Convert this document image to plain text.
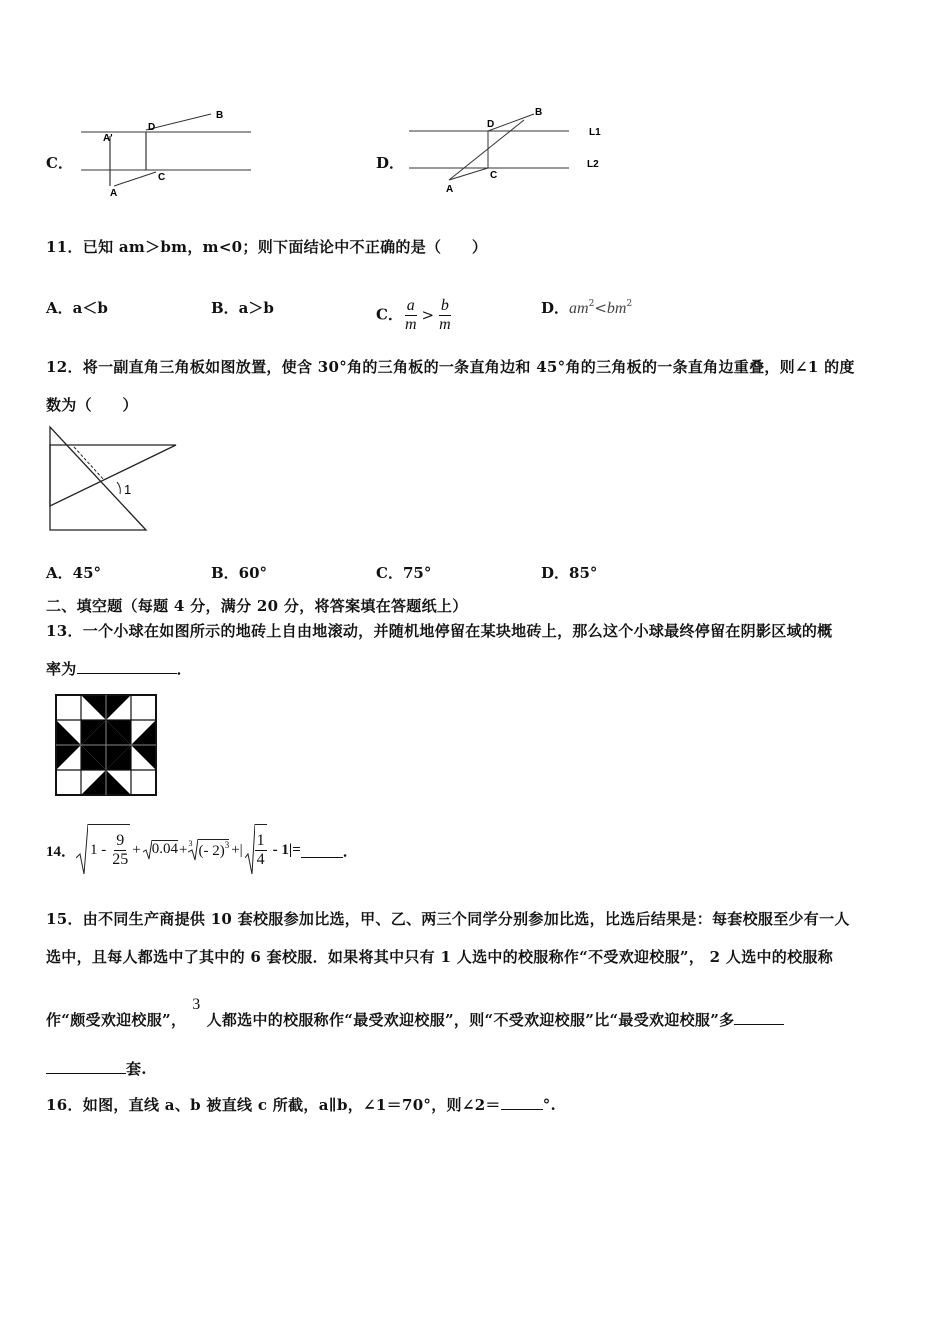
C．
A'
D
B
A
C
D．
D
B
L1
L2
A
C
11．已知 am＞bm，m<0；则下面结论中不正确的是（　　）
A．a＜b	B．a＞b	C． $\frac{a}{m} > \frac{b}{m}$	D．$am^2<bm^2$
12．将一副直角三角板如图放置，使含 30°角的三角板的一条直角边和 45°角的三角板的一条直角边重叠，则∠1 的度
数为（　　）
1
A．45°	B．60°	C．75°	D．85°
二、填空题（每题 4 分，满分 20 分，将答案填在答题纸上）
13．一个小球在如图所示的地砖上自由地滚动，并随机地停留在某块地砖上，那么这个小球最终停留在阴影区域的概
率为	．
14． $1 - \frac{9}{25} + 0.04 + 3$ (- 2)$^3$ +| $\frac{1}{4} - 1|=$	．
15．由不同生产商提供 10 套校服参加比选，甲、乙、两三个同学分别参加比选，比选后结果是：每套校服至少有一人
选中，且每人都选中了其中的 6 套校服．如果将其中只有 1 人选中的校服称作“不受欢迎校服”， 2 人选中的校服称
作“颇受欢迎校服”，3人都选中的校服称作“最受欢迎校服”，则“不受欢迎校服”比“最受欢迎校服”多
套.
16．如图，直线 a、b 被直线 c 所截，a∥b，∠1＝70°，则∠2＝	°.
